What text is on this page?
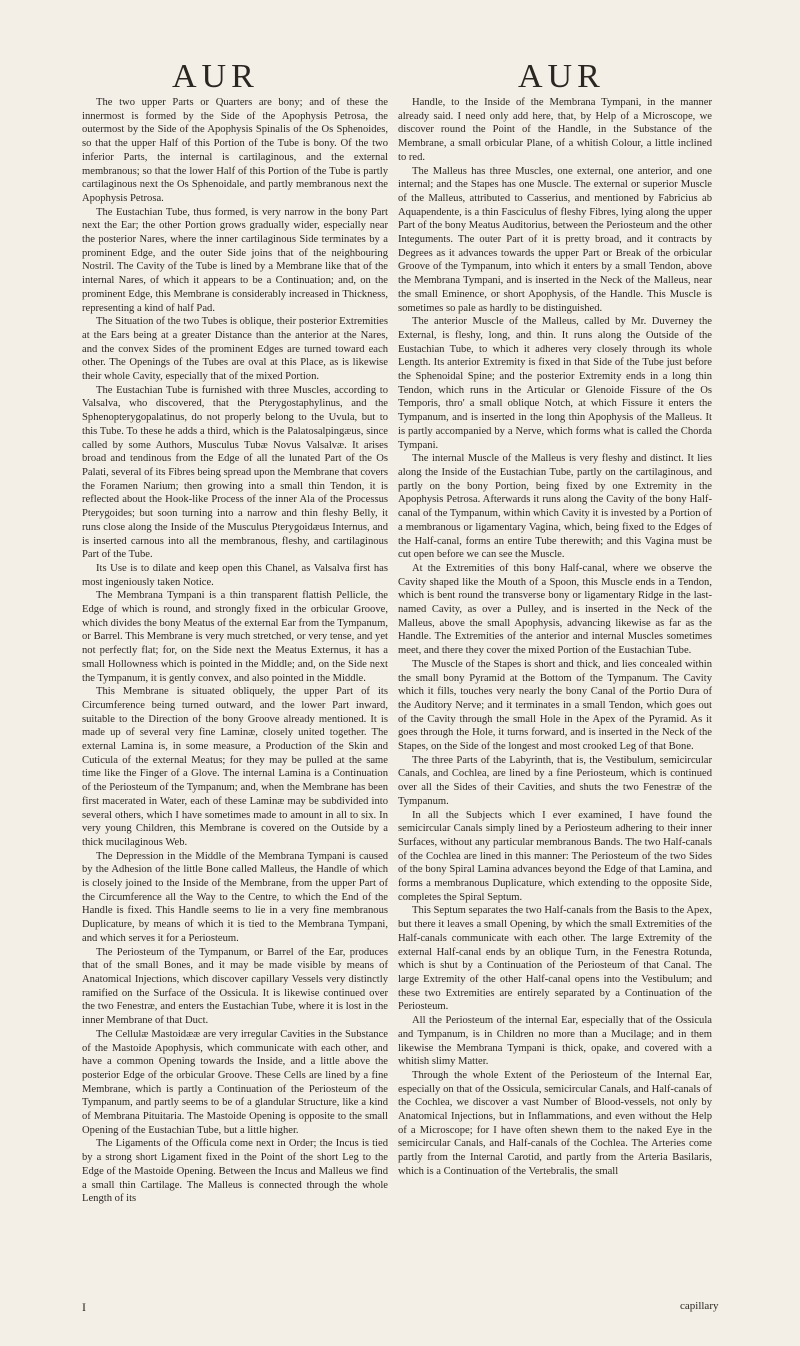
AUR	AUR

The two upper Parts or Quarters are bony; and of these the innermost is formed by the Side of the Apophysis Petrosa, the outermost by the Side of the Apophysis Spinalis of the Os Sphenoides, so that the upper Half of this Portion of the Tube is bony. Of the two inferior Parts, the internal is cartilaginous, and the external membranous; so that the lower Half of this Portion of the Tube is partly cartilaginous next the Os Sphenoidale, and partly membranous next the Apophysis Petrosa.

The Eustachian Tube, thus formed, is very narrow in the bony Part next the Ear; the other Portion grows gradually wider, especially near the posterior Nares, where the inner cartilaginous Side terminates by a prominent Edge, and the outer Side joins that of the neighbouring Nostril. The Cavity of the Tube is lined by a Membrane like that of the internal Nares, of which it appears to be a Continuation; and, on the prominent Edge, this Membrane is considerably increased in Thickness, representing a kind of half Pad.

The Situation of the two Tubes is oblique, their posterior Extremities at the Ears being at a greater Distance than the anterior at the Nares, and the convex Sides of the prominent Edges are turned toward each other. The Openings of the Tubes are oval at this Place, as is likewise their whole Cavity, especially that of the mixed Portion.

The Eustachian Tube is furnished with three Muscles, according to Valsalva, who discovered, that the Pterygostaphylinus, and the Sphenopterygopalatinus, do not properly belong to the Uvula, but to this Tube. To these he adds a third, which is the Palatosalpingæus, since called by some Authors, Musculus Tubæ Novus Valsalvæ. It arises broad and tendinous from the Edge of all the lunated Part of the Os Palati, several of its Fibres being spread upon the Membrane that covers the Foramen Narium; then growing into a small thin Tendon, it is reflected about the Hook-like Process of the inner Ala of the Processus Pterygoides; but soon turning into a narrow and thin fleshy Belly, it runs close along the Inside of the Musculus Pterygoidæus Internus, and is inserted carnous into all the membranous, fleshy, and cartilaginous Part of the Tube.

Its Use is to dilate and keep open this Chanel, as Valsalva first has most ingeniously taken Notice.

The Membrana Tympani is a thin transparent flattish Pellicle, the Edge of which is round, and strongly fixed in the orbicular Groove, which divides the bony Meatus of the external Ear from the Tympanum, or Barrel. This Membrane is very much stretched, or very tense, and yet not perfectly flat; for, on the Side next the Meatus Externus, it has a small Hollowness which is pointed in the Middle; and, on the Side next the Tympanum, it is gently convex, and also pointed in the Middle.

This Membrane is situated obliquely, the upper Part of its Circumference being turned outward, and the lower Part inward, suitable to the Direction of the bony Groove already mentioned. It is made up of several very fine Laminæ, closely united together. The external Lamina is, in some measure, a Production of the Skin and Cuticula of the external Meatus; for they may be pulled at the same time like the Finger of a Glove. The internal Lamina is a Continuation of the Periosteum of the Tympanum; and, when the Membrane has been first macerated in Water, each of these Laminæ may be subdivided into several others, which I have sometimes made to amount in all to six. In very young Children, this Membrane is covered on the Outside by a thick mucilaginous Web.

The Depression in the Middle of the Membrana Tympani is caused by the Adhesion of the little Bone called Malleus, the Handle of which is closely joined to the Inside of the Membrane, from the upper Part of the Circumference all the Way to the Centre, to which the End of the Handle is fixed. This Handle seems to lie in a very fine membranous Duplicature, by means of which it is tied to the Membrana Tympani, and which serves it for a Periosteum.

The Periosteum of the Tympanum, or Barrel of the Ear, produces that of the small Bones, and it may be made visible by means of Anatomical Injections, which discover capillary Vessels very distinctly ramified on the Surface of the Ossicula. It is likewise continued over the two Fenestræ, and enters the Eustachian Tube, where it is lost in the inner Membrane of that Duct.

The Cellulæ Mastoidææ are very irregular Cavities in the Substance of the Mastoide Apophysis, which communicate with each other, and have a common Opening towards the Inside, and a little above the posterior Edge of the orbicular Groove. These Cells are lined by a fine Membrane, which is partly a Continuation of the Periosteum of the Tympanum, and partly seems to be of a glandular Structure, like a kind of Membrana Pituitaria. The Mastoide Opening is opposite to the small Opening of the Eustachian Tube, but a little higher.

The Ligaments of the Officula come next in Order; the Incus is tied by a strong short Ligament fixed in the Point of the short Leg to the Edge of the Mastoide Opening. Between the Incus and Malleus we find a small thin Cartilage. The Malleus is connected through the whole Length of its

Handle, to the Inside of the Membrana Tympani, in the manner already said. I need only add here, that, by Help of a Microscope, we discover round the Point of the Handle, in the Substance of the Membrane, a small orbicular Plane, of a whitish Colour, a little inclined to red.

The Malleus has three Muscles, one external, one anterior, and one internal; and the Stapes has one Muscle. The external or superior Muscle of the Malleus, attributed to Casserius, and mentioned by Fabricius ab Aquapendente, is a thin Fasciculus of fleshy Fibres, lying along the upper Part of the bony Meatus Auditorius, between the Periosteum and the other Integuments. The outer Part of it is pretty broad, and it contracts by Degrees as it advances towards the upper Part or Break of the orbicular Groove of the Tympanum, into which it enters by a small Tendon, above the Membrana Tympani, and is inserted in the Neck of the Malleus, near the small Eminence, or short Apophysis, of the Handle. This Muscle is sometimes so pale as hardly to be distinguished.

The anterior Muscle of the Malleus, called by Mr. Duverney the External, is fleshy, long, and thin. It runs along the Outside of the Eustachian Tube, to which it adheres very closely through its whole Length. Its anterior Extremity is fixed in that Side of the Tube just before the Sphenoidal Spine; and the posterior Extremity ends in a long thin Tendon, which runs in the Articular or Glenoide Fissure of the Os Temporis, thro' a small oblique Notch, at which Fissure it enters the Tympanum, and is inserted in the long thin Apophysis of the Malleus. It is partly accompanied by a Nerve, which forms what is called the Chorda Tympani.

The internal Muscle of the Malleus is very fleshy and distinct. It lies along the Inside of the Eustachian Tube, partly on the cartilaginous, and partly on the bony Portion, being fixed by one Extremity in the Apophysis Petrosa. Afterwards it runs along the Cavity of the bony Half-canal of the Tympanum, within which Cavity it is invested by a Portion of a membranous or ligamentary Vagina, which, being fixed to the Edges of the Half-canal, forms an entire Tube therewith; and this Vagina must be cut open before we can see the Muscle.

At the Extremities of this bony Half-canal, where we observe the Cavity shaped like the Mouth of a Spoon, this Muscle ends in a Tendon, which is bent round the transverse bony or ligamentary Ridge in the last-named Cavity, as over a Pulley, and is inserted in the Neck of the Malleus, above the small Apophysis, advancing likewise as far as the Handle. The Extremities of the anterior and internal Muscles sometimes meet, and there they cover the mixed Portion of the Eustachian Tube.

The Muscle of the Stapes is short and thick, and lies concealed within the small bony Pyramid at the Bottom of the Tympanum. The Cavity which it fills, touches very nearly the bony Canal of the Portio Dura of the Auditory Nerve; and it terminates in a small Tendon, which goes out of the Cavity through the small Hole in the Apex of the Pyramid. As it goes through the Hole, it turns forward, and is inserted in the Neck of the Stapes, on the Side of the longest and most crooked Leg of that Bone.

The three Parts of the Labyrinth, that is, the Vestibulum, semicircular Canals, and Cochlea, are lined by a fine Periosteum, which is continued over all the Sides of their Cavities, and shuts the two Fenestræ of the Tympanum.

In all the Subjects which I ever examined, I have found the semicircular Canals simply lined by a Periosteum adhering to their inner Surfaces, without any particular membranous Bands. The two Half-canals of the Cochlea are lined in this manner: The Periosteum of the two Sides of the bony Spiral Lamina advances beyond the Edge of that Lamina, and forms a membranous Duplicature, which extending to the opposite Side, completes the Spiral Septum.

This Septum separates the two Half-canals from the Basis to the Apex, but there it leaves a small Opening, by which the small Extremities of the Half-canals communicate with each other. The large Extremity of the external Half-canal ends by an oblique Turn, in the Fenestra Rotunda, which is shut by a Continuation of the Periosteum of that Canal. The large Extremity of the other Half-canal opens into the Vestibulum; and these two Extremities are entirely separated by a Continuation of the Periosteum.

All the Periosteum of the internal Ear, especially that of the Ossicula and Tympanum, is in Children no more than a Mucilage; and in them likewise the Membrana Tympani is thick, opake, and covered with a whitish slimy Matter.

Through the whole Extent of the Periosteum of the Internal Ear, especially on that of the Ossicula, semicircular Canals, and Half-canals of the Cochlea, we discover a vast Number of Blood-vessels, not only by Anatomical Injections, but in Inflammations, and even without the Help of a Microscope; for I have often shewn them to the naked Eye in the semicircular Canals, and Half-canals of the Cochlea. The Arteries come partly from the Internal Carotid, and partly from the Arteria Basilaris, which is a Continuation of the Vertebralis, the small

I	capillary
